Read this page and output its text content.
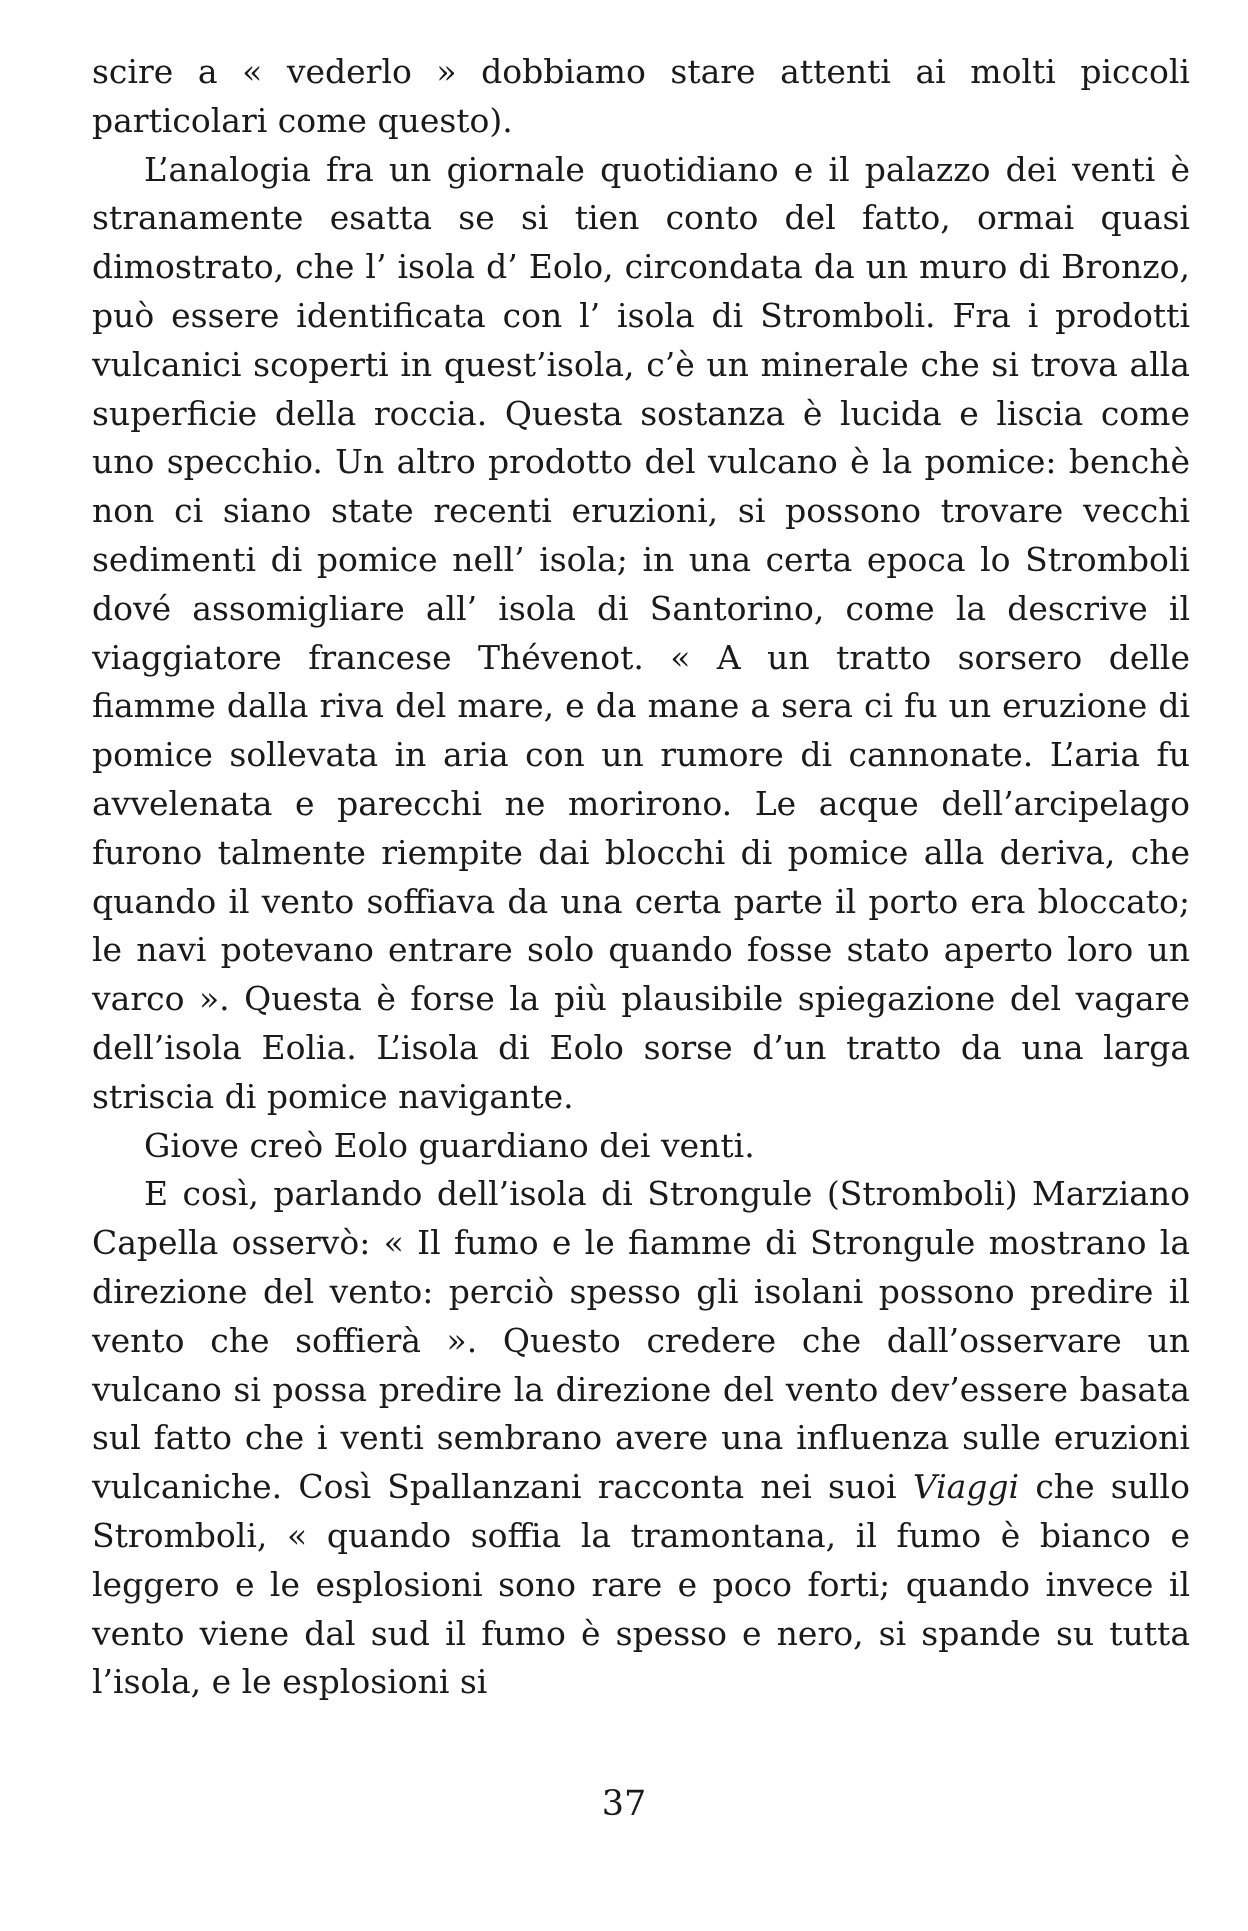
scire a « vederlo » dobbiamo stare attenti ai molti piccoli particolari come questo).

L’analogia fra un giornale quotidiano e il palazzo dei venti è stranamente esatta se si tien conto del fatto, ormai quasi dimostrato, che l’ isola d’ Eolo, circondata da un muro di Bronzo, può essere identificata con l’ isola di Stromboli. Fra i prodotti vulcanici scoperti in quest’isola, c’è un minerale che si trova alla superficie della roccia. Questa sostanza è lucida e liscia come uno specchio. Un altro prodotto del vulcano è la pomice: benchè non ci siano state recenti eruzioni, si possono trovare vecchi sedimenti di pomice nell’ isola; in una certa epoca lo Stromboli dové assomigliare all’ isola di Santorino, come la descrive il viaggiatore francese Thévenot. « A un tratto sorsero delle fiamme dalla riva del mare, e da mane a sera ci fu un eruzione di pomice sollevata in aria con un rumore di cannonate. L’aria fu avvelenata e parecchi ne morirono. Le acque dell’arcipelago furono talmente riempite dai blocchi di pomice alla deriva, che quando il vento soffiava da una certa parte il porto era bloccato; le navi potevano entrare solo quando fosse stato aperto loro un varco ». Questa è forse la più plausibile spiegazione del vagare dell’isola Eolia. L’isola di Eolo sorse d’un tratto da una larga striscia di pomice navigante.

Giove creò Eolo guardiano dei venti.

E così, parlando dell’isola di Strongule (Stromboli) Marziano Capella osservò: « Il fumo e le fiamme di Strongule mostrano la direzione del vento: perciò spesso gli isolani possono predire il vento che soffierà ». Questo credere che dall’osservare un vulcano si possa predire la direzione del vento dev’essere basata sul fatto che i venti sembrano avere una influenza sulle eruzioni vulcaniche. Così Spallanzani racconta nei suoi Viaggi che sullo Stromboli, « quando soffia la tramontana, il fumo è bianco e leggero e le esplosioni sono rare e poco forti; quando invece il vento viene dal sud il fumo è spesso e nero, si spande su tutta l’isola, e le esplosioni si

37
